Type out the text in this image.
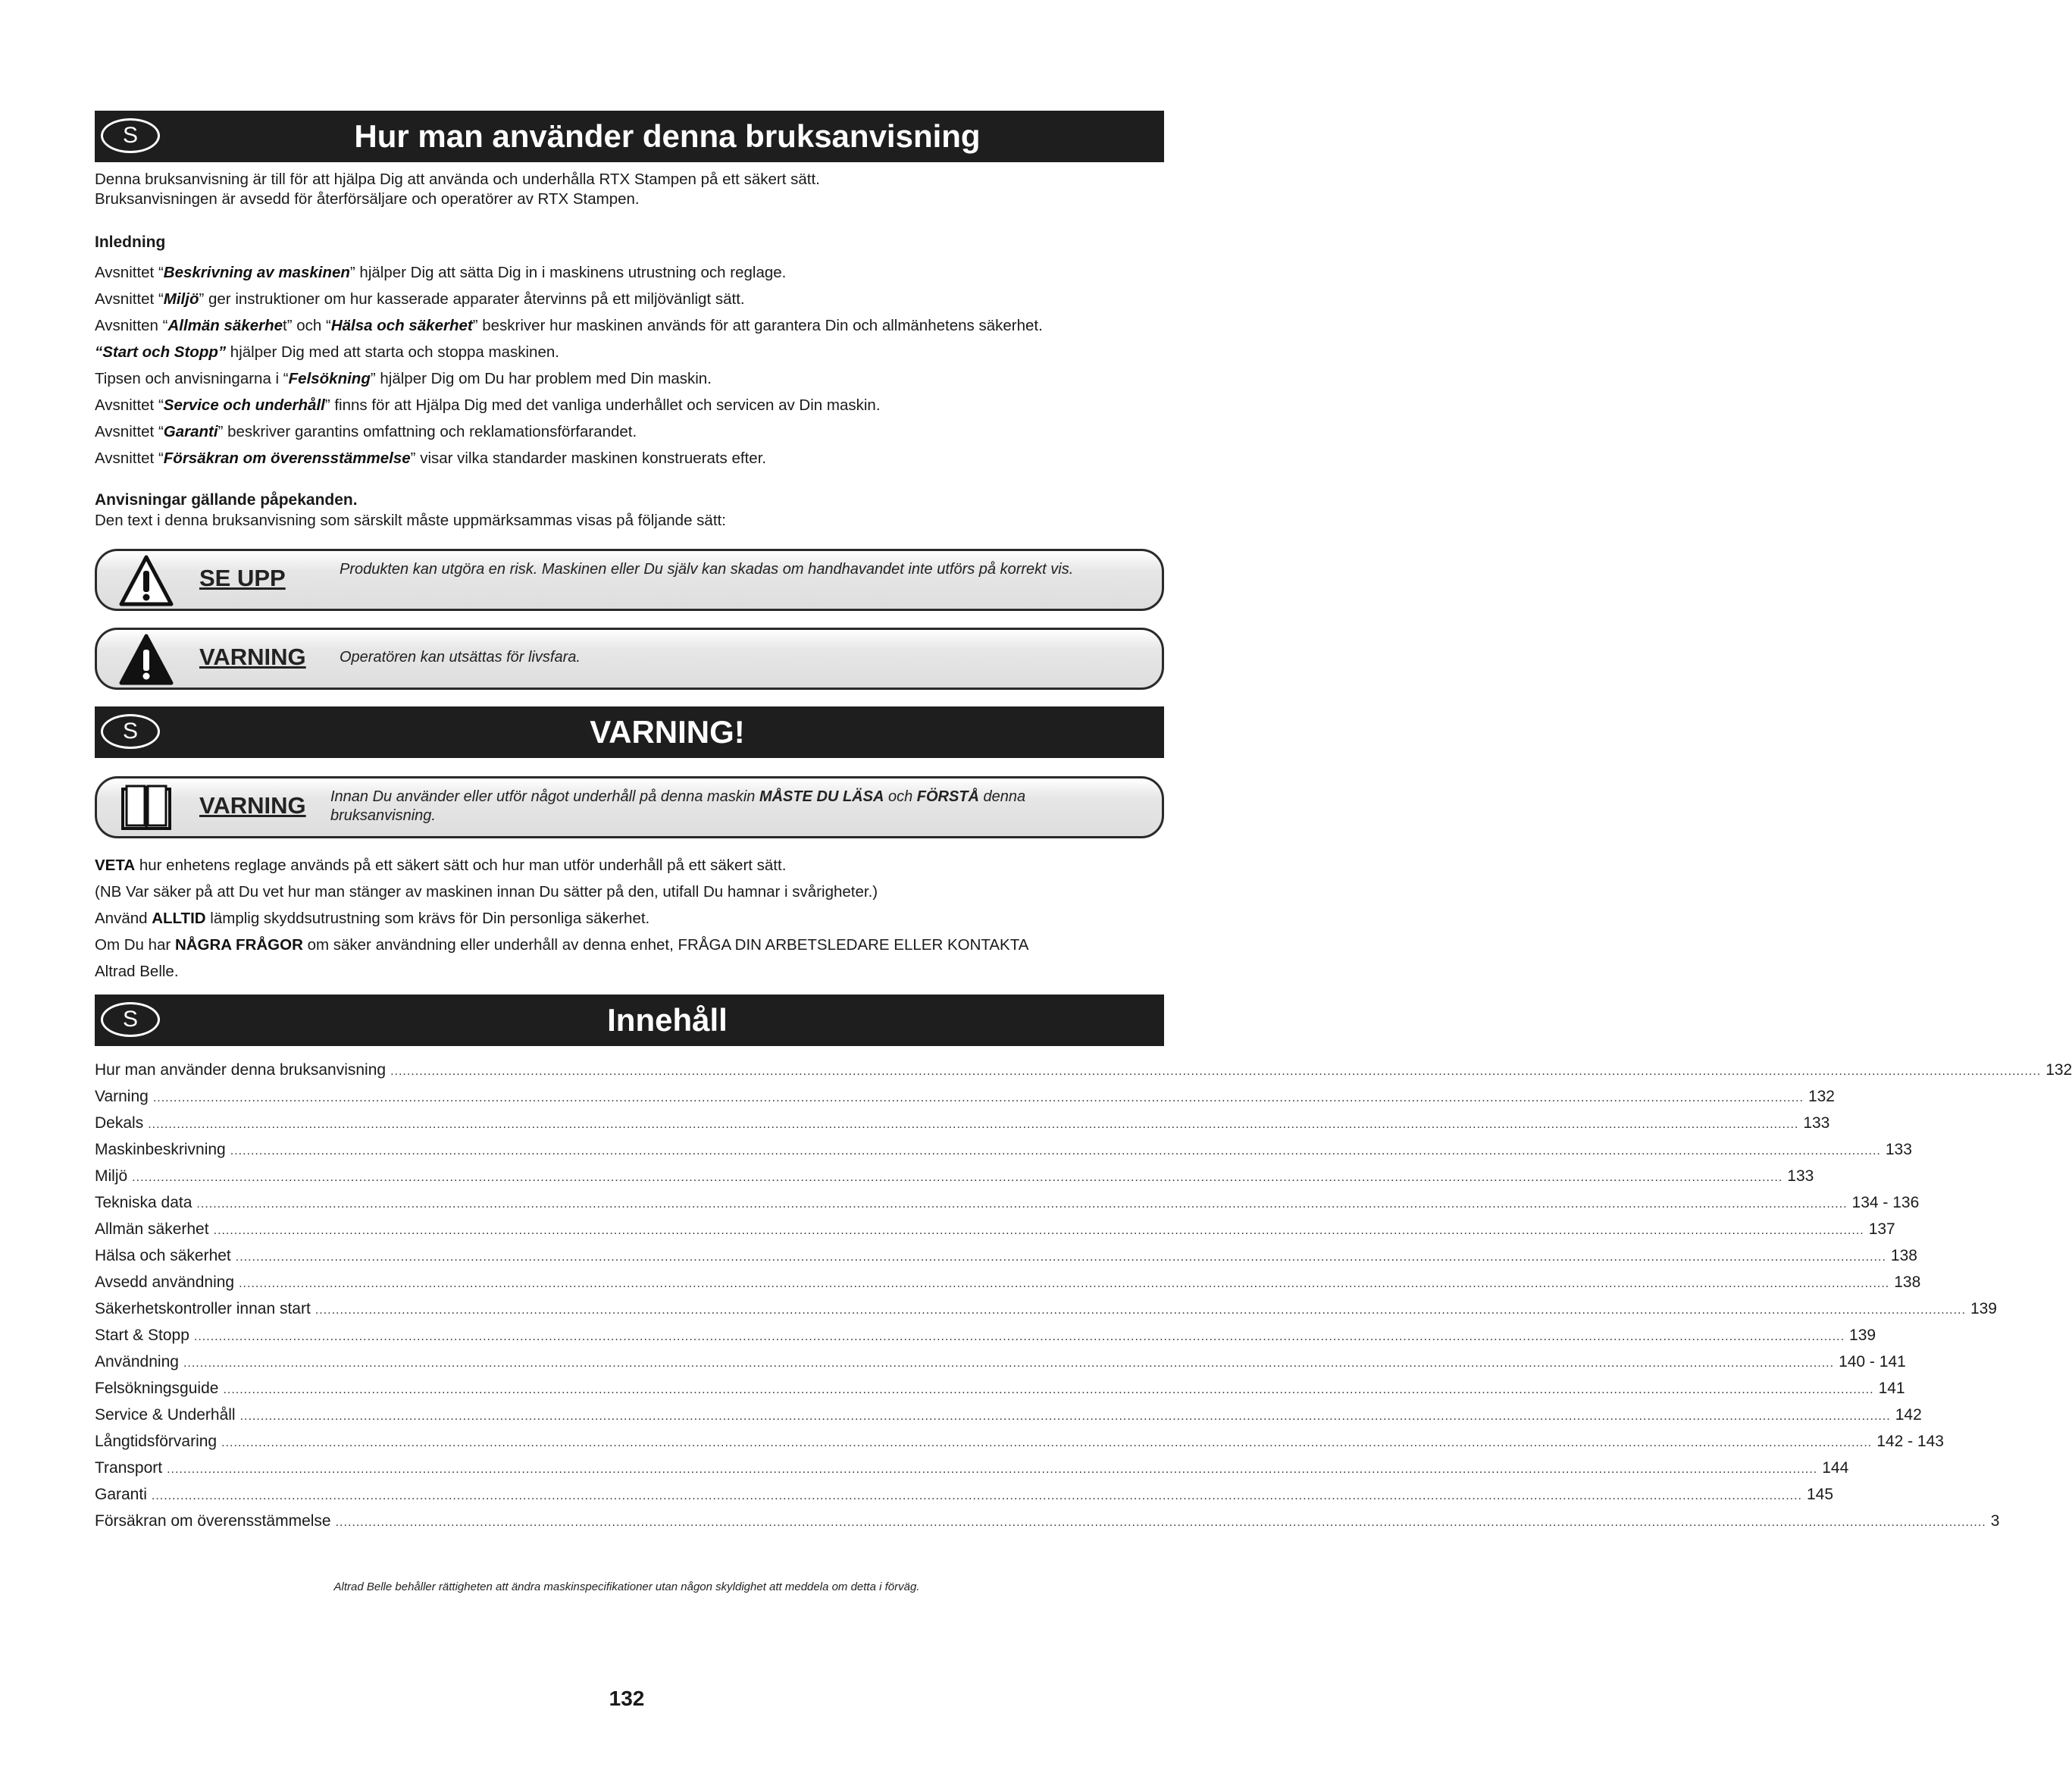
S	Hur man använder denna bruksanvisning
Denna bruksanvisning är till för att hjälpa Dig att använda och underhålla RTX Stampen på ett säkert sätt.
Bruksanvisningen är avsedd för återförsäljare och operatörer av RTX Stampen.
Inledning
Avsnittet “Beskrivning av maskinen” hjälper Dig att sätta Dig in i maskinens utrustning och reglage.
Avsnittet “Miljö” ger instruktioner om hur kasserade apparater återvinns på ett miljövänligt sätt.
Avsnitten “Allmän säkerhet” och “Hälsa och säkerhet” beskriver hur maskinen används för att garantera Din och allmänhetens säkerhet.
“Start och Stopp” hjälper Dig med att starta och stoppa maskinen.
Tipsen och anvisningarna i “Felsökning” hjälper Dig om Du har problem med Din maskin.
Avsnittet “Service och underhåll” finns för att Hjälpa Dig med det vanliga underhållet och servicen av Din maskin.
Avsnittet “Garanti” beskriver garantins omfattning och reklamationsförfarandet.
Avsnittet “Försäkran om överensstämmelse” visar vilka standarder maskinen konstruerats efter.
Anvisningar gällande påpekanden.
Den text i denna bruksanvisning som särskilt måste uppmärksammas visas på följande sätt:
SE UPP	Produkten kan utgöra en risk. Maskinen eller Du själv kan skadas om handhavandet inte utförs på korrekt vis.
VARNING Operatören kan utsättas för livsfara.
S	VARNING!
VARNING Innan Du använder eller utför något underhåll på denna maskin MÅSTE DU LÄSA och FÖRSTÅ denna bruksanvisning.
VETA hur enhetens reglage används på ett säkert sätt och hur man utför underhåll på ett säkert sätt.
(NB Var säker på att Du vet hur man stänger av maskinen innan Du sätter på den, utifall Du hamnar i svårigheter.)
Använd ALLTID lämplig skyddsutrustning som krävs för Din personliga säkerhet.
Om Du har NÅGRA FRÅGOR om säker användning eller underhåll av denna enhet, FRÅGA DIN ARBETSLEDARE ELLER KONTAKTA
Altrad Belle.
S	Innehåll
Hur man använder denna bruksanvisning ................................................................................................................................................................................................................................................................................................................................................................................................................ 132
Varning ................................................................................................................................................................................................................................................................................................................................................................................................................ 132
Dekals ................................................................................................................................................................................................................................................................................................................................................................................................................ 133
Maskinbeskrivning ................................................................................................................................................................................................................................................................................................................................................................................................................ 133
Miljö ................................................................................................................................................................................................................................................................................................................................................................................................................ 133
Tekniska data ................................................................................................................................................................................................................................................................................................................................................................................................................ 134 - 136
Allmän säkerhet ................................................................................................................................................................................................................................................................................................................................................................................................................ 137
Hälsa och säkerhet ................................................................................................................................................................................................................................................................................................................................................................................................................ 138
Avsedd användning ................................................................................................................................................................................................................................................................................................................................................................................................................ 138
Säkerhetskontroller innan start ................................................................................................................................................................................................................................................................................................................................................................................................................ 139
Start & Stopp ................................................................................................................................................................................................................................................................................................................................................................................................................ 139
Användning ................................................................................................................................................................................................................................................................................................................................................................................................................ 140 - 141
Felsökningsguide ................................................................................................................................................................................................................................................................................................................................................................................................................ 141
Service & Underhåll ................................................................................................................................................................................................................................................................................................................................................................................................................ 142
Långtidsförvaring ................................................................................................................................................................................................................................................................................................................................................................................................................ 142 - 143
Transport ................................................................................................................................................................................................................................................................................................................................................................................................................ 144
Garanti ................................................................................................................................................................................................................................................................................................................................................................................................................ 145
Försäkran om överensstämmelse ................................................................................................................................................................................................................................................................................................................................................................................................................ 3
Altrad Belle behåller rättigheten att ändra maskinspecifikationer utan någon skyldighet att meddela om detta i förväg.
132
